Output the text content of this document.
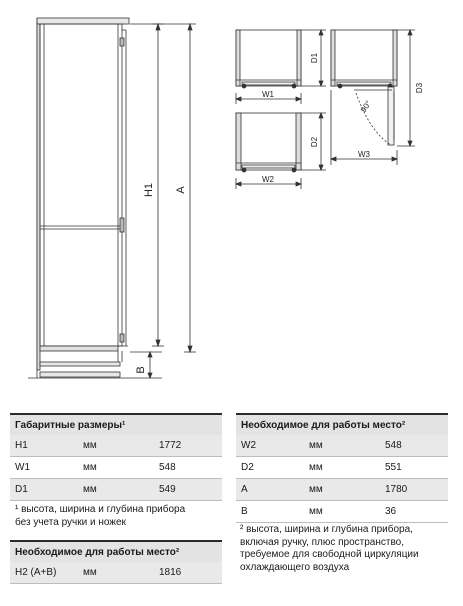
H1 A
B
W1
D1
W2
D2
W3
D3
90°
Габаритные размеры¹		
H1	мм	1772
W1	мм	548
D1	мм	549
¹ высота, ширина и глубина прибора
без учета ручки и ножек
Необходимое для работы место²
H2 (A+B)	мм	1816
Необходимое для работы место²		
W2	мм	548
D2	мм	551
A	мм	1780
B	мм	36
² высота, ширина и глубина прибора,
включая ручку, плюс пространство,
требуемое для свободной циркуляции
охлаждающего воздуха
